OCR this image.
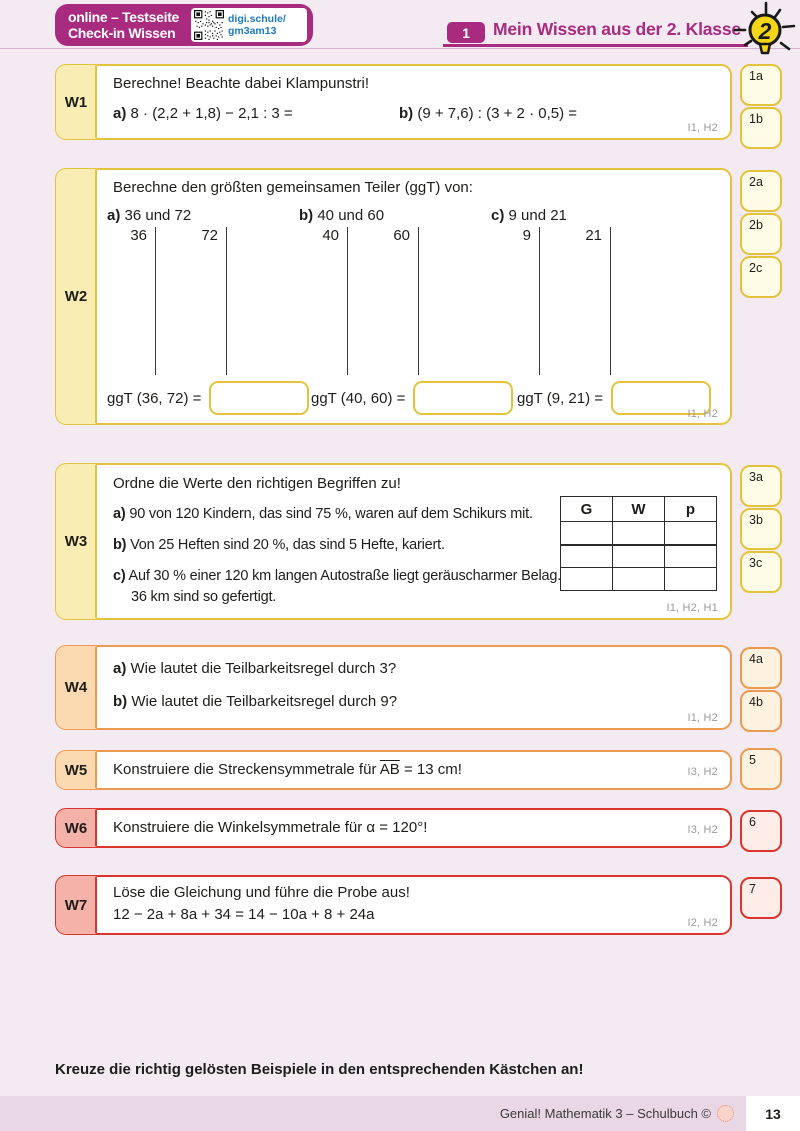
online – Testseite
Check-in Wissen
digi.schule/
gm3am13	1	Mein Wissen aus der 2. Klasse 2
W1
Berechne! Beachte dabei Klampunstri!
a) 8 · (2,2 + 1,8) − 2,1 : 3 =	b) (9 + 7,6) : (3 + 2 · 0,5) =
I1, H2
1a
1b
W2
Berechne den größten gemeinsamen Teiler (ggT) von:
a) 36 und 72
36	72
b) 40 und 60
40	60
c) 9 und 21
9	21
ggT (36, 72) =	ggT (40, 60) =	ggT (9, 21) =
I1, H2
2a
2b
2c
W3
Ordne die Werte den richtigen Begriffen zu!
a) 90 von 120 Kindern, das sind 75 %, waren auf dem Schikurs mit.
b) Von 25 Heften sind 20 %, das sind 5 Hefte, kariert.
c) Auf 30 % einer 120 km langen Autostraße liegt geräuscharmer Belag.
36 km sind so gefertigt.
G	W	p

I1, H2, H1
3a
3b
3c
W4
a) Wie lautet die Teilbarkeitsregel durch 3?
b) Wie lautet die Teilbarkeitsregel durch 9?
I1, H2
4a
4b
W5	Konstruiere die Streckensymmetrale für $\overline{AB} = 13$ cm!	I3, H2
5
W6	Konstruiere die Winkelsymmetrale für α = 120°!	I3, H2
6
W7
Löse die Gleichung und führe die Probe aus!
12 − 2a + 8a + 34 = 14 − 10a + 8 + 24a	I2, H2
7
Kreuze die richtig gelösten Beispiele in den entsprechenden Kästchen an!
Genial! Mathematik 3 – Schulbuch ©	13
